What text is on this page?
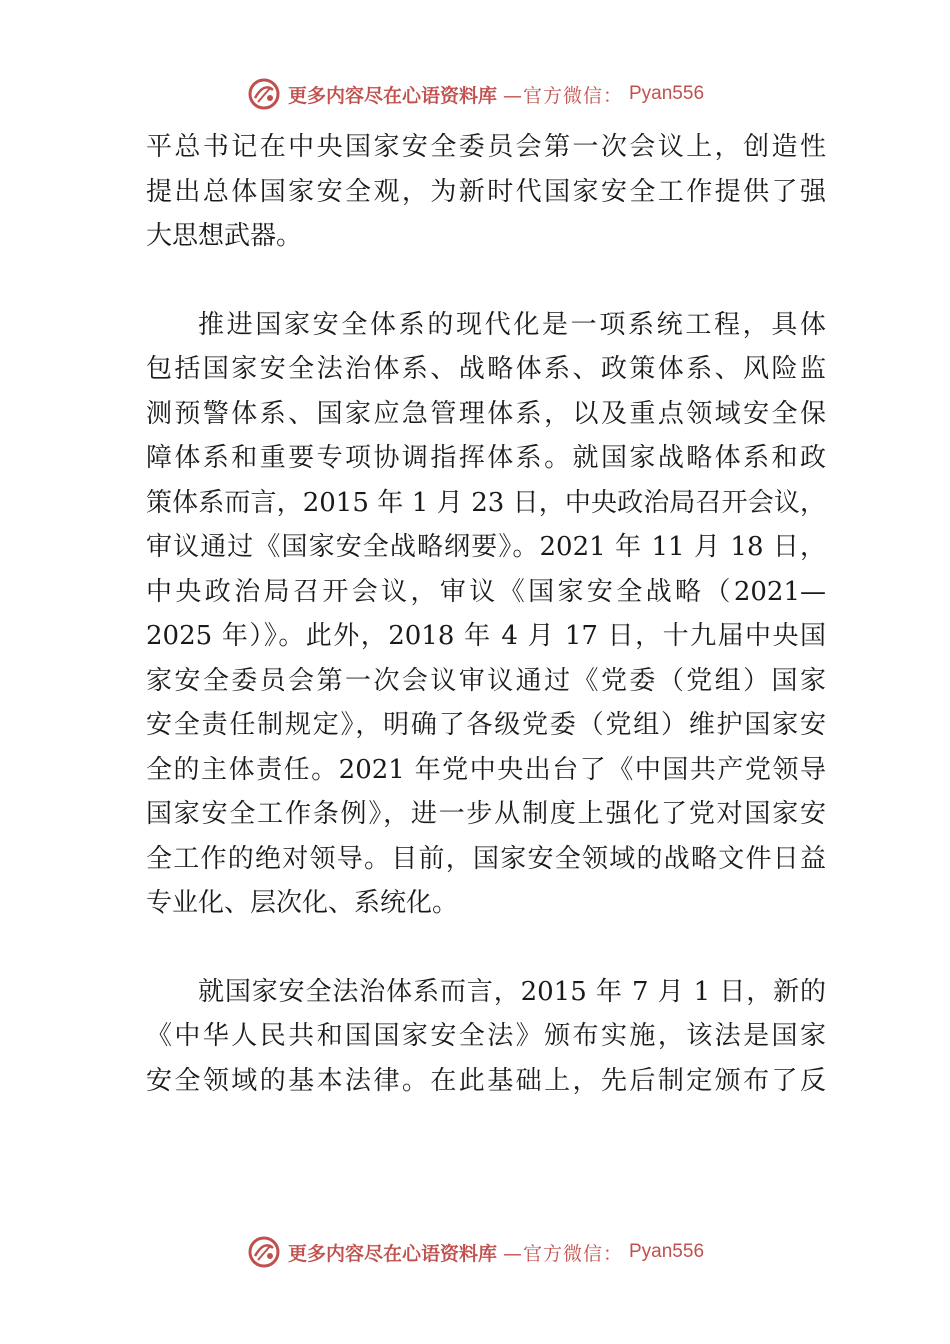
更多内容尽在心语资料库 —官方微信： Pyan556
平总书记在中央国家安全委员会第一次会议上，创造性
提出总体国家安全观，为新时代国家安全工作提供了强
大思想武器。
推进国家安全体系的现代化是一项系统工程，具体
包括国家安全法治体系、战略体系、政策体系、风险监
测预警体系、国家应急管理体系，以及重点领域安全保
障体系和重要专项协调指挥体系。就国家战略体系和政
策体系而言，2015 年 1 月 23 日，中央政治局召开会议，
审议通过《国家安全战略纲要》。2021 年 11 月 18 日，
中央政治局召开会议，审议《国家安全战略（2021—
2025 年）》。此外，2018 年 4 月 17 日，十九届中央国
家安全委员会第一次会议审议通过《党委（党组）国家
安全责任制规定》，明确了各级党委（党组）维护国家安
全的主体责任。2021 年党中央出台了《中国共产党领导
国家安全工作条例》，进一步从制度上强化了党对国家安
全工作的绝对领导。目前，国家安全领域的战略文件日益
专业化、层次化、系统化。
就国家安全法治体系而言，2015 年 7 月 1 日，新的
《中华人民共和国国家安全法》颁布实施，该法是国家
安全领域的基本法律。在此基础上，先后制定颁布了反
更多内容尽在心语资料库 —官方微信： Pyan556
